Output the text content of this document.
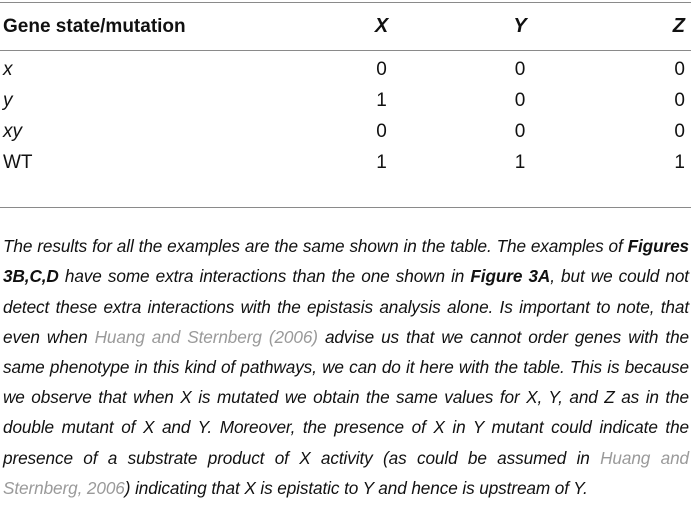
Gene state/mutation	X	Y	Z
x	0	0	0
y	1	0	0
xy	0	0	0
WT	1	1	1

The results for all the examples are the same shown in the table. The examples of Figures 3B,C,D have some extra interactions than the one shown in Figure 3A, but we could not detect these extra interactions with the epistasis analysis alone. Is important to note, that even when Huang and Sternberg (2006) advise us that we cannot order genes with the same phenotype in this kind of pathways, we can do it here with the table. This is because we observe that when X is mutated we obtain the same values for X, Y, and Z as in the double mutant of X and Y. Moreover, the presence of X in Y mutant could indicate the presence of a substrate product of X activity (as could be assumed in Huang and Sternberg, 2006) indicating that X is epistatic to Y and hence is upstream of Y.
